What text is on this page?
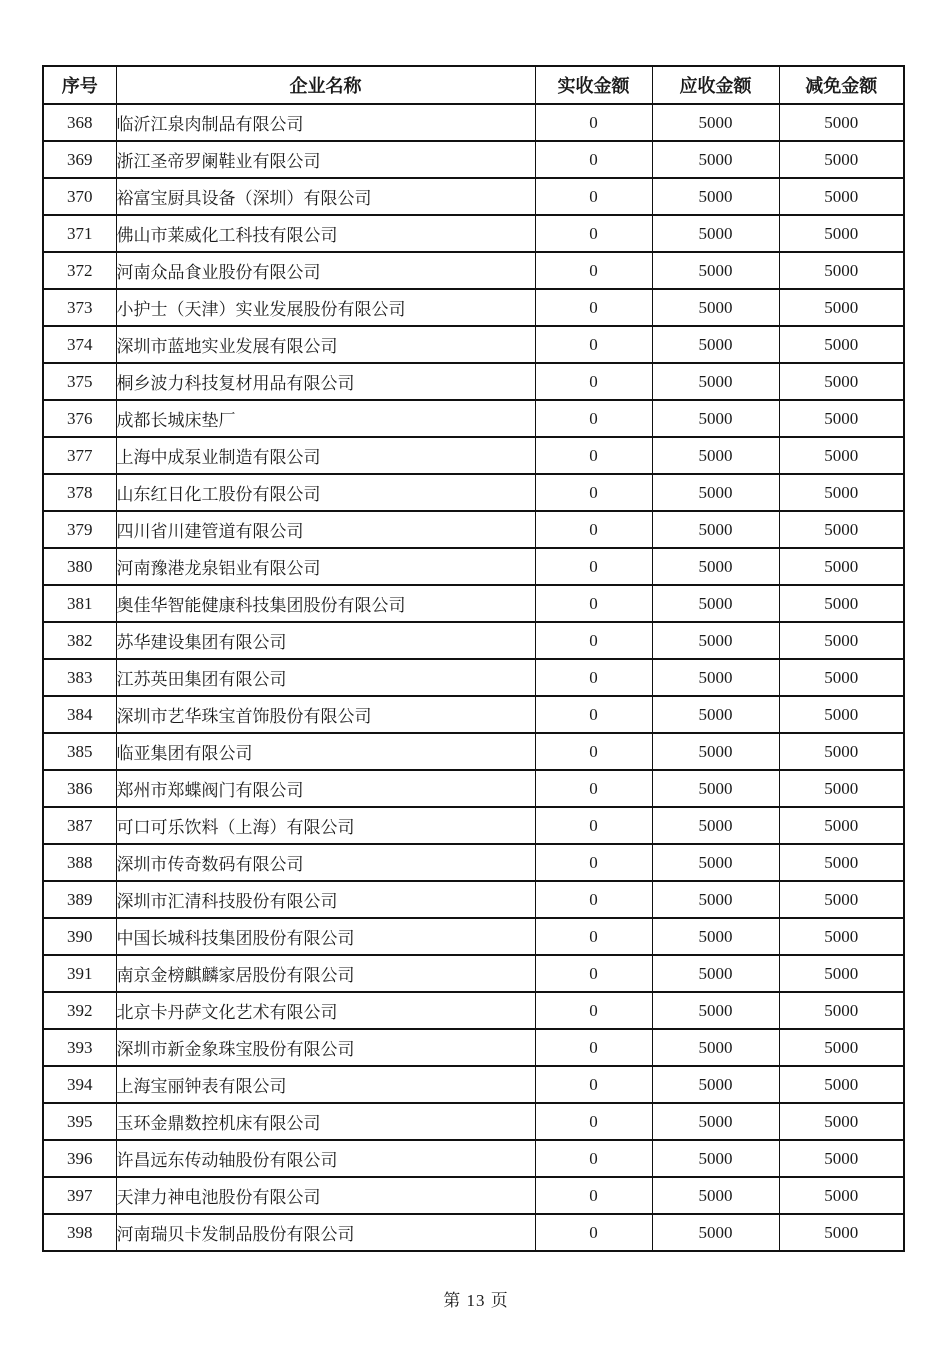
序号	企业名称	实收金额	应收金额	减免金额
368	临沂江泉肉制品有限公司	0	5000	5000
369	浙江圣帝罗阑鞋业有限公司	0	5000	5000
370	裕富宝厨具设备（深圳）有限公司	0	5000	5000
371	佛山市莱威化工科技有限公司	0	5000	5000
372	河南众品食业股份有限公司	0	5000	5000
373	小护士（天津）实业发展股份有限公司	0	5000	5000
374	深圳市蓝地实业发展有限公司	0	5000	5000
375	桐乡波力科技复材用品有限公司	0	5000	5000
376	成都长城床垫厂	0	5000	5000
377	上海中成泵业制造有限公司	0	5000	5000
378	山东红日化工股份有限公司	0	5000	5000
379	四川省川建管道有限公司	0	5000	5000
380	河南豫港龙泉铝业有限公司	0	5000	5000
381	奥佳华智能健康科技集团股份有限公司	0	5000	5000
382	苏华建设集团有限公司	0	5000	5000
383	江苏英田集团有限公司	0	5000	5000
384	深圳市艺华珠宝首饰股份有限公司	0	5000	5000
385	临亚集团有限公司	0	5000	5000
386	郑州市郑蝶阀门有限公司	0	5000	5000
387	可口可乐饮料（上海）有限公司	0	5000	5000
388	深圳市传奇数码有限公司	0	5000	5000
389	深圳市汇清科技股份有限公司	0	5000	5000
390	中国长城科技集团股份有限公司	0	5000	5000
391	南京金榜麒麟家居股份有限公司	0	5000	5000
392	北京卡丹萨文化艺术有限公司	0	5000	5000
393	深圳市新金象珠宝股份有限公司	0	5000	5000
394	上海宝丽钟表有限公司	0	5000	5000
395	玉环金鼎数控机床有限公司	0	5000	5000
396	许昌远东传动轴股份有限公司	0	5000	5000
397	天津力神电池股份有限公司	0	5000	5000
398	河南瑞贝卡发制品股份有限公司	0	5000	5000
第 13 页
